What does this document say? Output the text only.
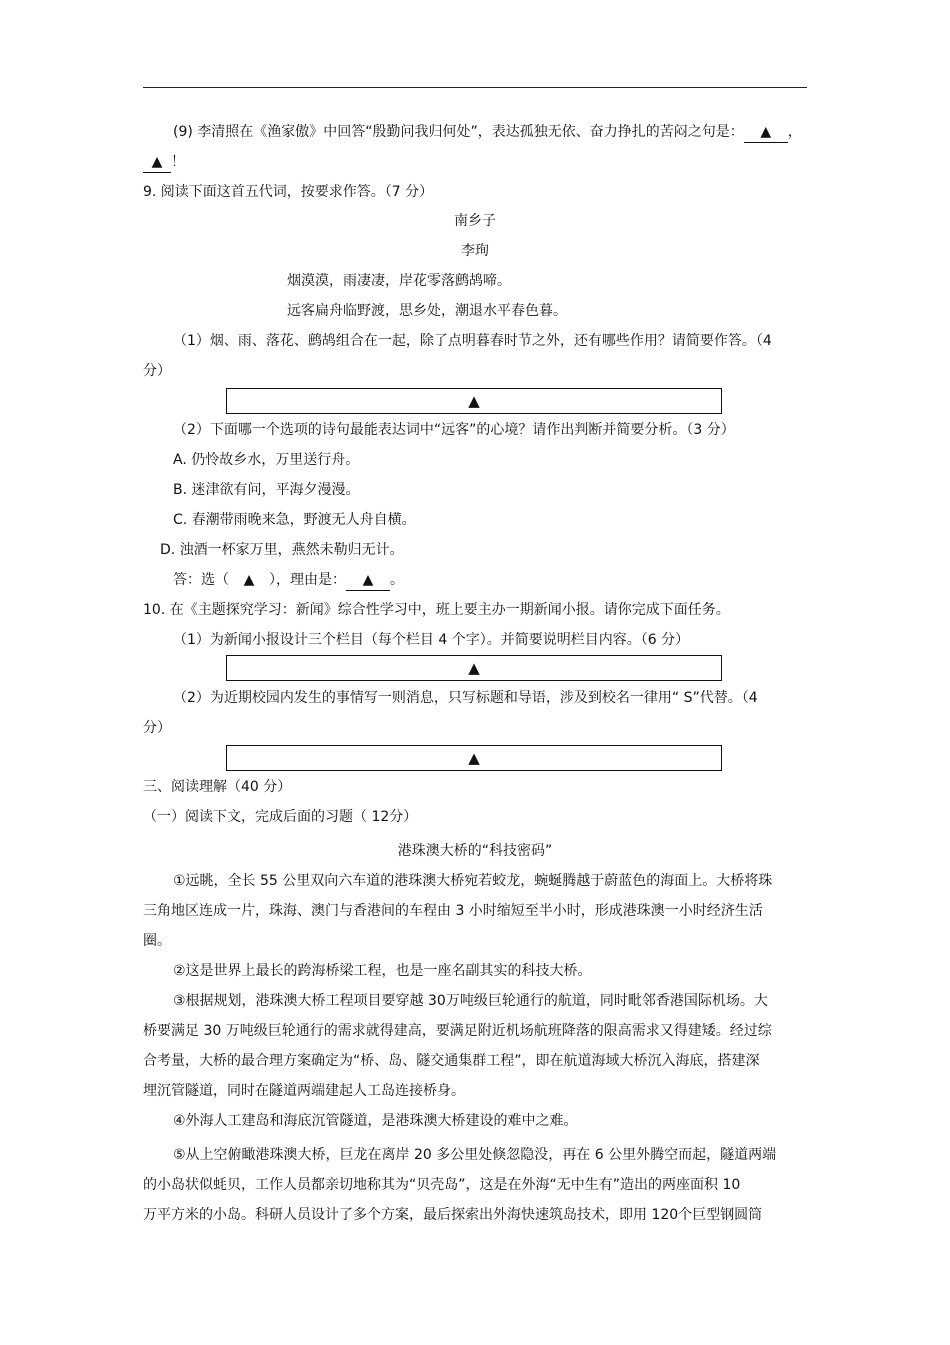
(9) 李清照在《渔家傲》中回答“殷勤问我归何处”，表达孤独无依、奋力挣扎的苦闷之句是： ▲ ，
▲ ！
9. 阅读下面这首五代词，按要求作答。（7 分）
南乡子
李珣
烟漠漠，雨凄凄，岸花零落鹧鸪啼。
远客扁舟临野渡，思乡处，潮退水平春色暮。
（1）烟、雨、落花、鹧鸪组合在一起，除了点明暮春时节之外，还有哪些作用？请简要作答。（4
分）
▲
（2）下面哪一个选项的诗句最能表达词中“远客”的心境？请作出判断并简要分析。（3 分）
A. 仍怜故乡水，万里送行舟。
B. 迷津欲有问，平海夕漫漫。
C. 春潮带雨晚来急，野渡无人舟自横。
D. 浊酒一杯家万里，燕然未勒归无计。
答：选（ ▲ ），理由是： ▲ 。
10. 在《主题探究学习：新闻》综合性学习中，班上要主办一期新闻小报。请你完成下面任务。
（1）为新闻小报设计三个栏目（每个栏目 4 个字）。并简要说明栏目内容。（6 分）
▲
（2）为近期校园内发生的事情写一则消息，只写标题和导语，涉及到校名一律用“ S”代替。（4
分）
▲
三、阅读理解（40 分）
（一）阅读下文，完成后面的习题（ 12分）
港珠澳大桥的“科技密码”
①远眺，全长 55 公里双向六车道的港珠澳大桥宛若蛟龙，蜿蜒腾越于蔚蓝色的海面上。大桥将珠
三角地区连成一片，珠海、澳门与香港间的车程由 3 小时缩短至半小时，形成港珠澳一小时经济生活
圈。
②这是世界上最长的跨海桥梁工程，也是一座名副其实的科技大桥。
③根据规划，港珠澳大桥工程项目要穿越 30万吨级巨轮通行的航道，同时毗邻香港国际机场。大
桥要满足 30 万吨级巨轮通行的需求就得建高，要满足附近机场航班降落的限高需求又得建矮。经过综
合考量，大桥的最合理方案确定为“桥、岛、隧交通集群工程”，即在航道海域大桥沉入海底，搭建深
埋沉管隧道，同时在隧道两端建起人工岛连接桥身。
④外海人工建岛和海底沉管隧道，是港珠澳大桥建设的难中之难。
⑤从上空俯瞰港珠澳大桥，巨龙在离岸 20 多公里处倏忽隐没，再在 6 公里外腾空而起，隧道两端
的小岛状似蚝贝，工作人员都亲切地称其为“贝壳岛”，这是在外海“无中生有”造出的两座面积 10
万平方米的小岛。科研人员设计了多个方案，最后探索出外海快速筑岛技术，即用 120个巨型钢圆筒
